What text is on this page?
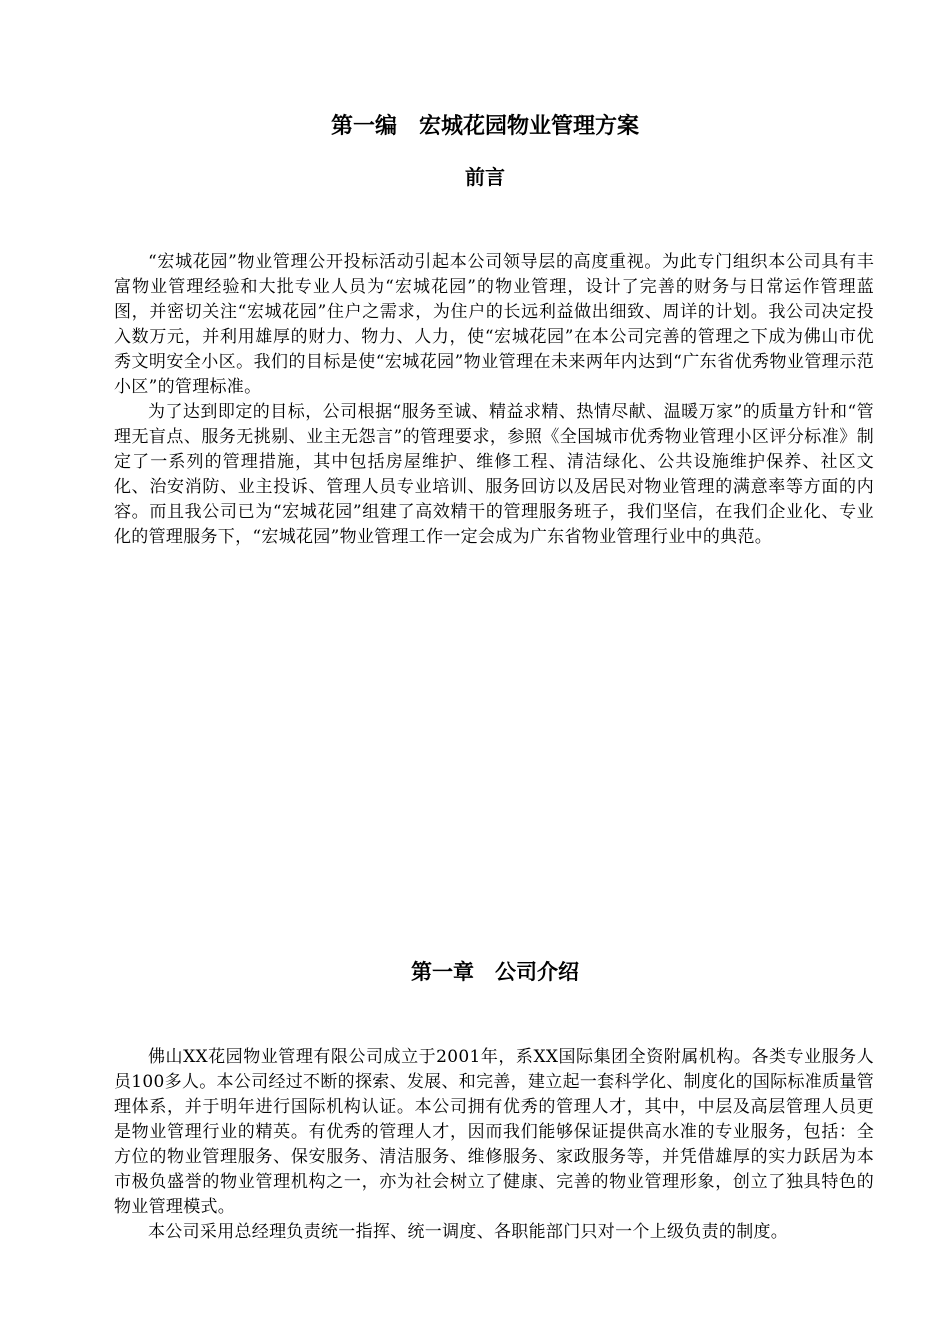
第一编　宏城花园物业管理方案
前言

“宏城花园”物业管理公开投标活动引起本公司领导层的高度重视。为此专门组织本公司具有丰富物业管理经验和大批专业人员为“宏城花园”的物业管理，设计了完善的财务与日常运作管理蓝图，并密切关注“宏城花园”住户之需求，为住户的长远利益做出细致、周详的计划。我公司决定投入数万元，并利用雄厚的财力、物力、人力，使“宏城花园”在本公司完善的管理之下成为佛山市优秀文明安全小区。我们的目标是使“宏城花园”物业管理在未来两年内达到“广东省优秀物业管理示范小区”的管理标准。

为了达到即定的目标，公司根据“服务至诚、精益求精、热情尽献、温暖万家”的质量方针和“管理无盲点、服务无挑剔、业主无怨言”的管理要求，参照《全国城市优秀物业管理小区评分标准》制定了一系列的管理措施，其中包括房屋维护、维修工程、清洁绿化、公共设施维护保养、社区文化、治安消防、业主投诉、管理人员专业培训、服务回访以及居民对物业管理的满意率等方面的内容。而且我公司已为“宏城花园”组建了高效精干的管理服务班子，我们坚信，在我们企业化、专业化的管理服务下，“宏城花园”物业管理工作一定会成为广东省物业管理行业中的典范。

第一章　公司介绍

佛山XX花园物业管理有限公司成立于2001年，系XX国际集团全资附属机构。各类专业服务人员100多人。本公司经过不断的探索、发展、和完善，建立起一套科学化、制度化的国际标准质量管理体系，并于明年进行国际机构认证。本公司拥有优秀的管理人才，其中，中层及高层管理人员更是物业管理行业的精英。有优秀的管理人才，因而我们能够保证提供高水准的专业服务，包括：全方位的物业管理服务、保安服务、清洁服务、维修服务、家政服务等，并凭借雄厚的实力跃居为本市极负盛誉的物业管理机构之一，亦为社会树立了健康、完善的物业管理形象，创立了独具特色的物业管理模式。

本公司采用总经理负责统一指挥、统一调度、各职能部门只对一个上级负责的制度。
